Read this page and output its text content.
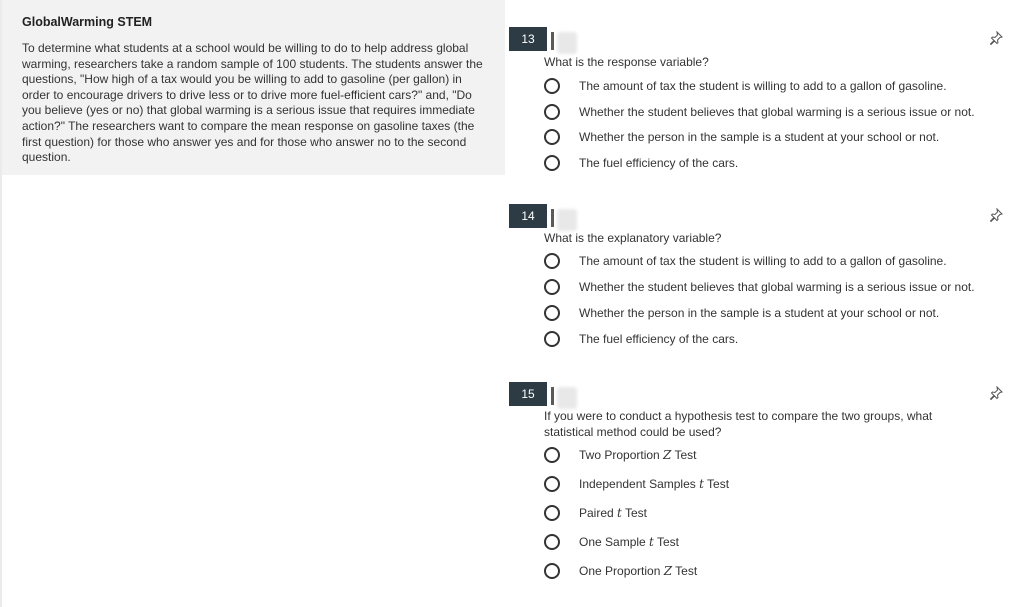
GlobalWarming STEM
To determine what students at a school would be willing to do to help address global warming, researchers take a random sample of 100 students. The students answer the questions, "How high of a tax would you be willing to add to gasoline (per gallon) in order to encourage drivers to drive less or to drive more fuel-efficient cars?" and, "Do you believe (yes or no) that global warming is a serious issue that requires immediate action?" The researchers want to compare the mean response on gasoline taxes (the first question) for those who answer yes and for those who answer no to the second question.
13
What is the response variable?
The amount of tax the student is willing to add to a gallon of gasoline.
Whether the student believes that global warming is a serious issue or not.
Whether the person in the sample is a student at your school or not.
The fuel efficiency of the cars.
14
What is the explanatory variable?
The amount of tax the student is willing to add to a gallon of gasoline.
Whether the student believes that global warming is a serious issue or not.
Whether the person in the sample is a student at your school or not.
The fuel efficiency of the cars.
15
If you were to conduct a hypothesis test to compare the two groups, what statistical method could be used?
Two Proportion Z Test
Independent Samples t Test
Paired t Test
One Sample t Test
One Proportion Z Test
